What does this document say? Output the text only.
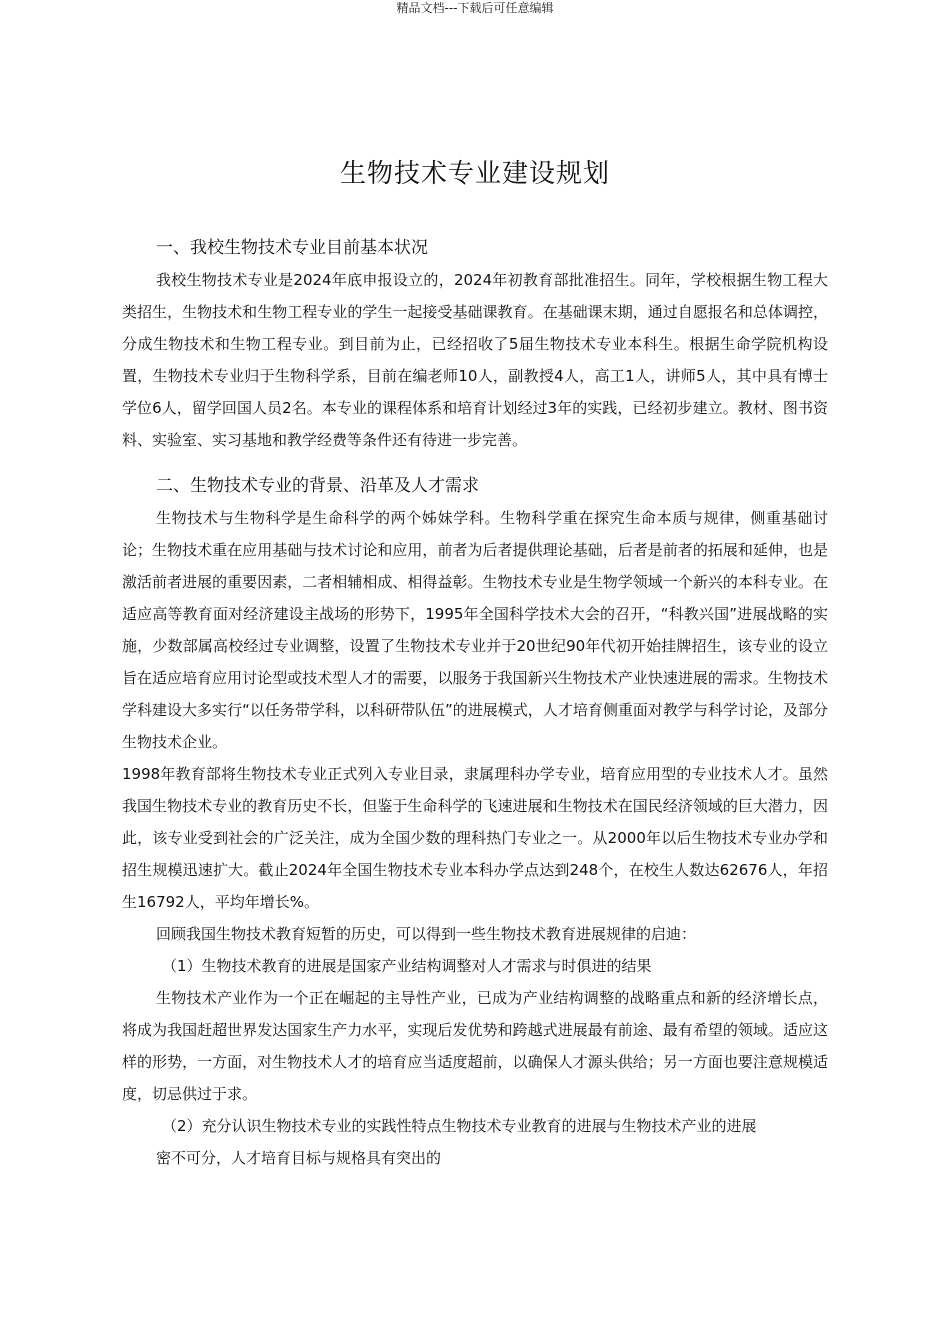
精品文档---下载后可任意编辑
生物技术专业建设规划
一、我校生物技术专业目前基本状况

我校生物技术专业是2024年底申报设立的，2024年初教育部批准招生。同年，学校根据生物工程大类招生，生物技术和生物工程专业的学生一起接受基础课教育。在基础课末期，通过自愿报名和总体调控，分成生物技术和生物工程专业。到目前为止，已经招收了5届生物技术专业本科生。根据生命学院机构设置，生物技术专业归于生物科学系，目前在编老师10人，副教授4人，高工1人，讲师5人，其中具有博士学位6人，留学回国人员2名。本专业的课程体系和培育计划经过3年的实践，已经初步建立。教材、图书资料、实验室、实习基地和教学经费等条件还有待进一步完善。

二、生物技术专业的背景、沿革及人才需求

生物技术与生物科学是生命科学的两个姊妹学科。生物科学重在探究生命本质与规律，侧重基础讨论；生物技术重在应用基础与技术讨论和应用，前者为后者提供理论基础，后者是前者的拓展和延伸，也是激活前者进展的重要因素，二者相辅相成、相得益彰。生物技术专业是生物学领域一个新兴的本科专业。在适应高等教育面对经济建设主战场的形势下，1995年全国科学技术大会的召开，“科教兴国”进展战略的实施，少数部属高校经过专业调整，设置了生物技术专业并于20世纪90年代初开始挂牌招生，该专业的设立旨在适应培育应用讨论型或技术型人才的需要，以服务于我国新兴生物技术产业快速进展的需求。生物技术学科建设大多实行“以任务带学科，以科研带队伍”的进展模式，人才培育侧重面对教学与科学讨论，及部分生物技术企业。

1998年教育部将生物技术专业正式列入专业目录，隶属理科办学专业，培育应用型的专业技术人才。虽然我国生物技术专业的教育历史不长，但鉴于生命科学的飞速进展和生物技术在国民经济领域的巨大潜力，因此，该专业受到社会的广泛关注，成为全国少数的理科热门专业之一。从2000年以后生物技术专业办学和招生规模迅速扩大。截止2024年全国生物技术专业本科办学点达到248个，在校生人数达62676人，年招生16792人，平均年增长%。

回顾我国生物技术教育短暂的历史，可以得到一些生物技术教育进展规律的启迪：

（1）生物技术教育的进展是国家产业结构调整对人才需求与时俱进的结果

生物技术产业作为一个正在崛起的主导性产业，已成为产业结构调整的战略重点和新的经济增长点，将成为我国赶超世界发达国家生产力水平，实现后发优势和跨越式进展最有前途、最有希望的领域。适应这样的形势，一方面，对生物技术人才的培育应当适度超前，以确保人才源头供给；另一方面也要注意规模适度，切忌供过于求。

（2）充分认识生物技术专业的实践性特点生物技术专业教育的进展与生物技术产业的进展

密不可分，人才培育目标与规格具有突出的
